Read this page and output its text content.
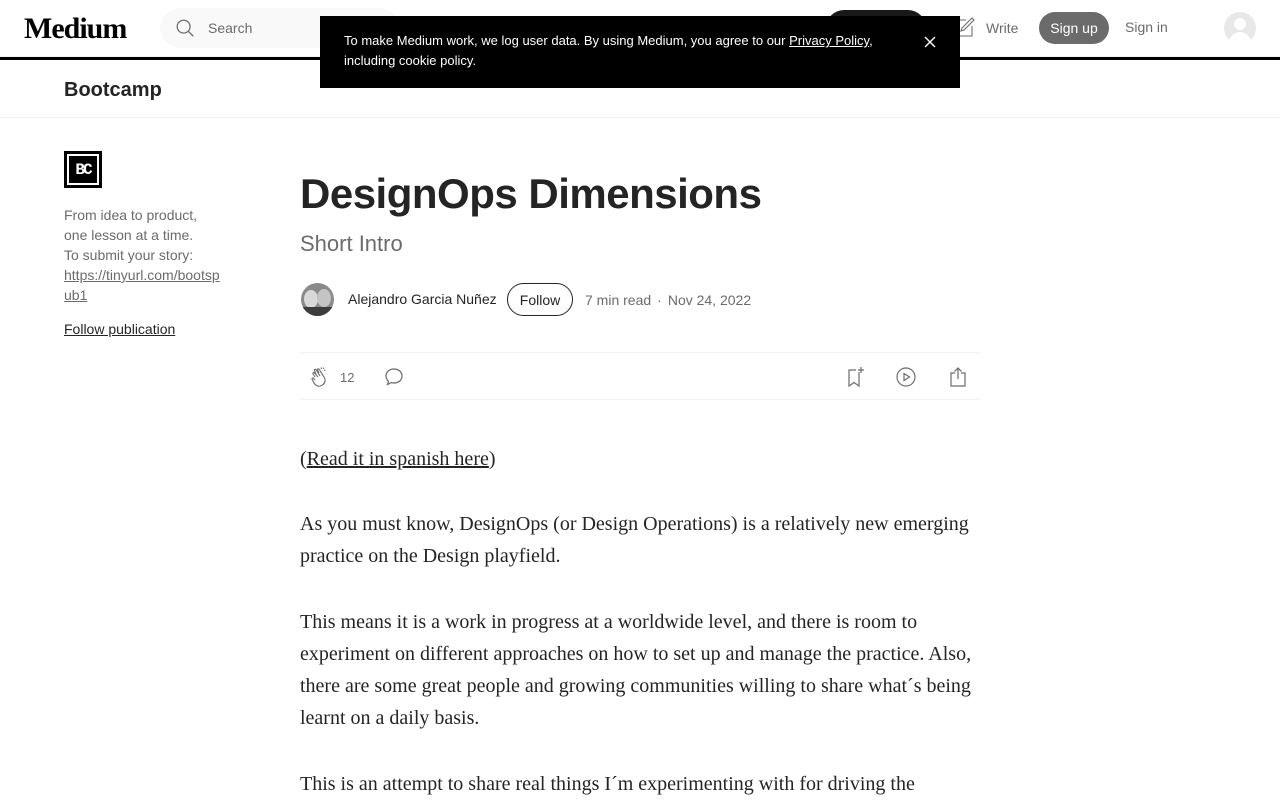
Medium
Search	Write	Sign up	Sign in
To make Medium work, we log user data. By using Medium, you agree to our Privacy Policy, including cookie policy.
Bootcamp
BC
From idea to product, one lesson at a time.
To submit your story:
https://tinyurl.com/bootspub1
Follow publication
DesignOps Dimensions
Short Intro
Alejandro Garcia Nuñez	Follow	7 min read · Nov 24, 2022
12
(Read it in spanish here)

As you must know, DesignOps (or Design Operations) is a relatively new emerging practice on the Design playfield.

This means it is a work in progress at a worldwide level, and there is room to experiment on different approaches on how to set up and manage the practice. Also, there are some great people and growing communities willing to share what´s being learnt on a daily basis.

This is an attempt to share real things I´m experimenting with for driving the
